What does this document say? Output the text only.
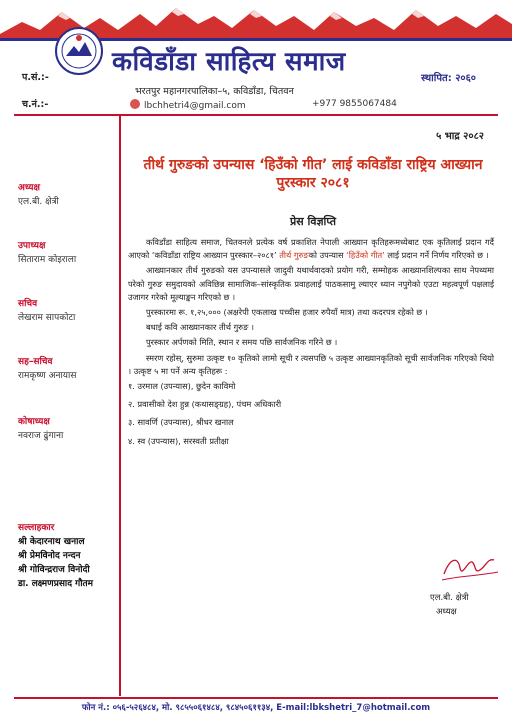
कविडाँडा साहित्य समाज
स्थापित: २०६०
भरतपुर महानगरपालिका–५, कविडाँडा, चितवन
lbchhetri4@gmail.com	+977 9855067484
प.सं.:-
च.नं.:-
अध्यक्ष
एल.बी. क्षेत्री
उपाध्यक्ष
सिताराम कोइराला
सचिव
लेखराम सापकोटा
सह–सचिव
रामकृष्ण अनायास
कोषाध्यक्ष
नवराज ढुंगाना
सल्लाहकार
श्री केदारनाथ खनाल
श्री प्रेमविनोद नन्दन
श्री गोविन्द्रराज विनोदी
डा. लक्ष्मणप्रसाद गौतम
५ भाद्र २०८२
तीर्थ गुरुङको उपन्यास ‘हिउँको गीत’ लाई कविडाँडा राष्ट्रिय आख्यान पुरस्कार २०८१
प्रेस विज्ञप्ति

कविडाँडा साहित्य समाज, चितवनले प्रत्येक वर्ष प्रकाशित नेपाली आख्यान कृतिहरूमध्येबाट एक कृतिलाई प्रदान गर्दै आएको ‘कविडाँडा राष्ट्रिय आख्यान पुरस्कार–२०८१’ तीर्थ गुरुङको उपन्यास ‘हिउँको गीत’ लाई प्रदान गर्ने निर्णय गरिएको छ ।

आख्यानकार तीर्थ गुरुङको यस उपन्यासले जादुवी यथार्थवादको प्रयोग गरी, सम्मोहक आख्यानशिल्पका साथ नेपथ्यमा परेको गुरुङ समुदायको अविछिन्न सामाजिक–सांस्कृतिक प्रवाहलाई पाठकसामु ल्याएर ध्यान नपुगेको एउटा महत्वपूर्ण पक्षलाई उजागर गरेको मूल्याङ्कन गरिएको छ ।

पुरस्कारमा रू. १,२५,००० (अक्षरेपी एकलाख पच्चीस हजार रुपैयाँ मात्र) तथा कदरपत्र रहेको छ ।

बधाई कवि आख्यानकार तीर्थ गुरुङ ।

पुरस्कार अर्पणको मिति, स्थान र समय पछि सार्वजनिक गरिने छ ।

स्मरण रहोस्, सुरुमा उत्कृष्ट १० कृतिको लामो सूची र त्यसपछि ५ उत्कृष्ट आख्यानकृतिको सूची सार्वजनिक गरिएको थियो । उत्कृष्ट ५ मा पर्ने अन्य कृतिहरू :

१. उरमाल (उपन्यास), छुदेन काविमो
२. प्रवासीको देश हुन्न (कथासङ्ग्रह), पंचम अधिकारी
३. सावर्णि (उपन्यास), श्रीधर खनाल
४. स्व (उपन्यास), सरस्वती प्रतीक्षा
एल.बी. क्षेत्री
अध्यक्ष
फोन नं.: ०५६-५२६४८४, मो. ९८५५०६१४८४, ९८४५०६११३४, E-mail:lbkshetri_7@hotmail.com
